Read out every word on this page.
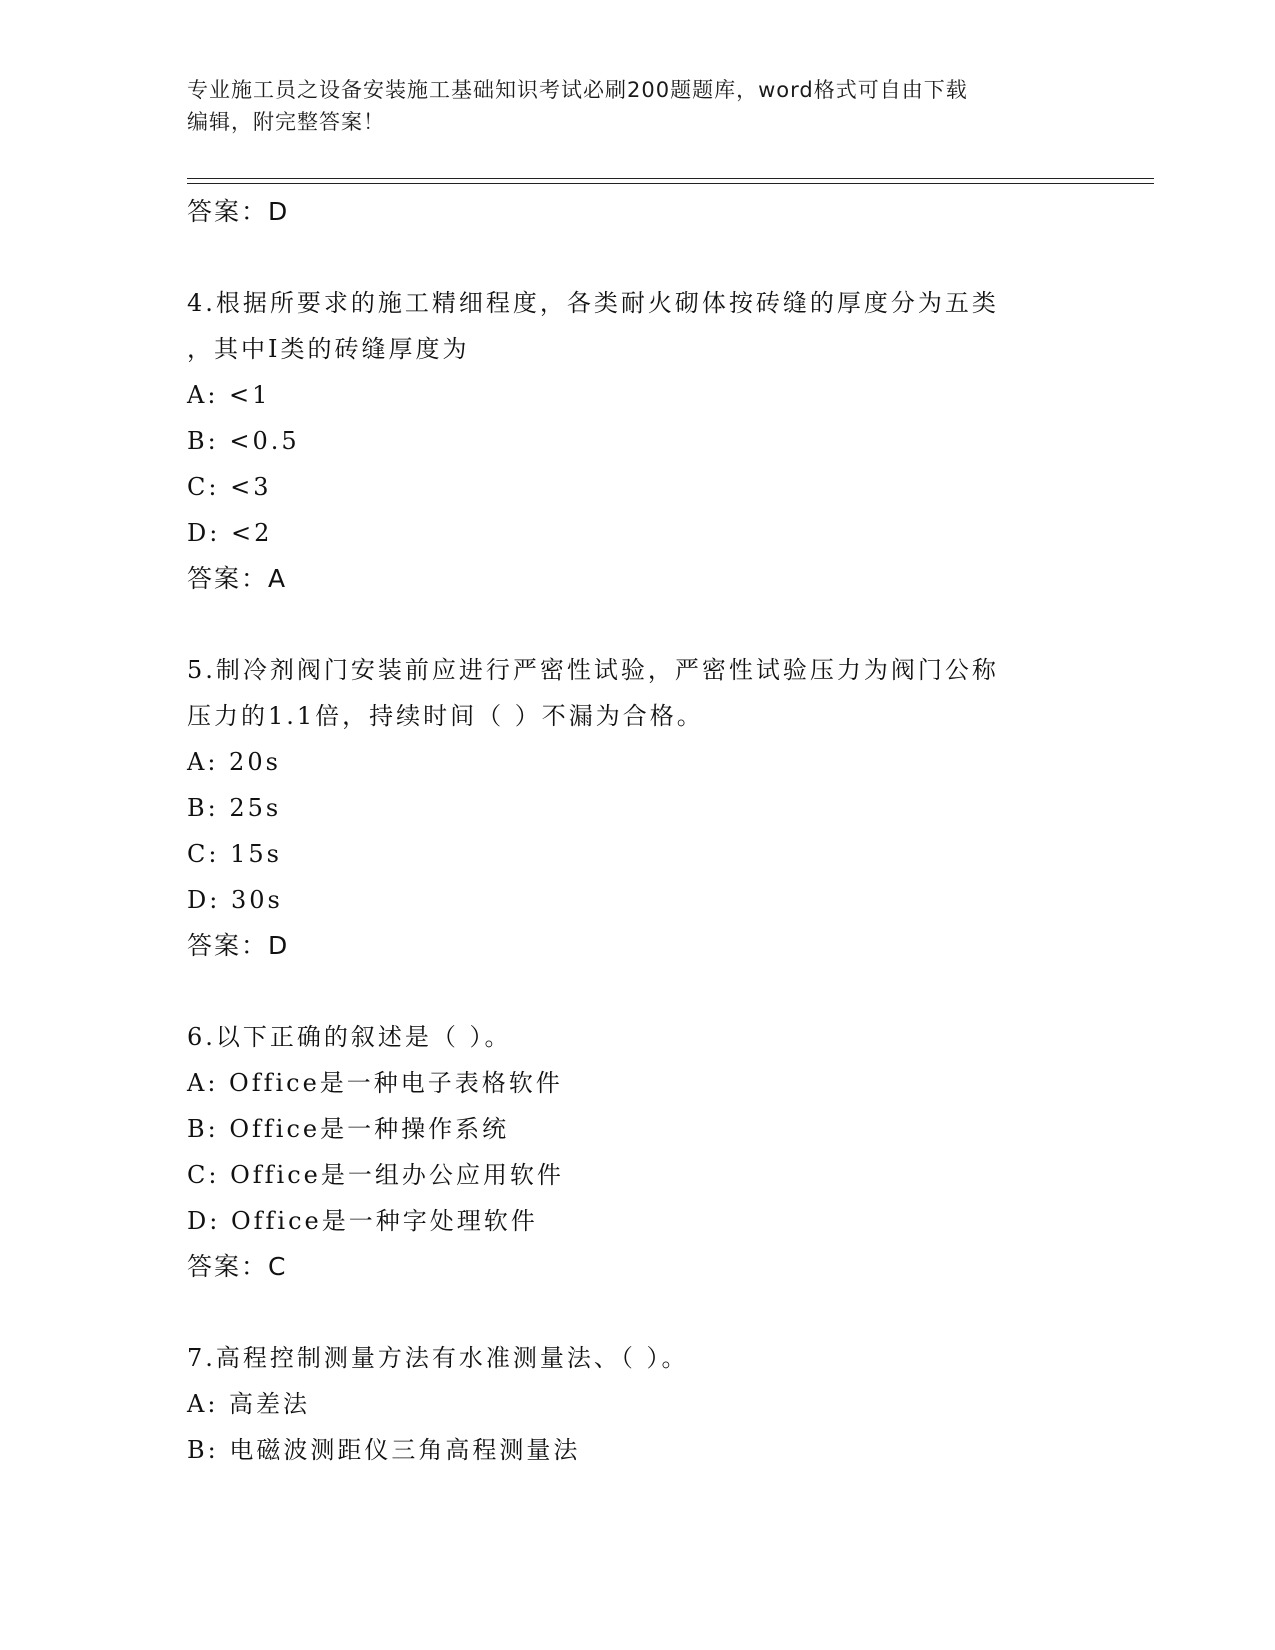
专业施工员之设备安装施工基础知识考试必刷200题题库，word格式可自由下载
编辑，附完整答案！
答案：D
4.根据所要求的施工精细程度，各类耐火砌体按砖缝的厚度分为五类
，其中Ⅰ类的砖缝厚度为
A: <1
B: <0.5
C: <3
D: <2
答案：A
5.制冷剂阀门安装前应进行严密性试验，严密性试验压力为阀门公称
压力的1.1倍，持续时间（ ）不漏为合格。
A: 20s
B: 25s
C: 15s
D: 30s
答案：D
6.以下正确的叙述是（ ）。
A: Office是一种电子表格软件
B: Office是一种操作系统
C: Office是一组办公应用软件
D: Office是一种字处理软件
答案：C
7.高程控制测量方法有水准测量法、（ ）。
A: 高差法
B: 电磁波测距仪三角高程测量法
